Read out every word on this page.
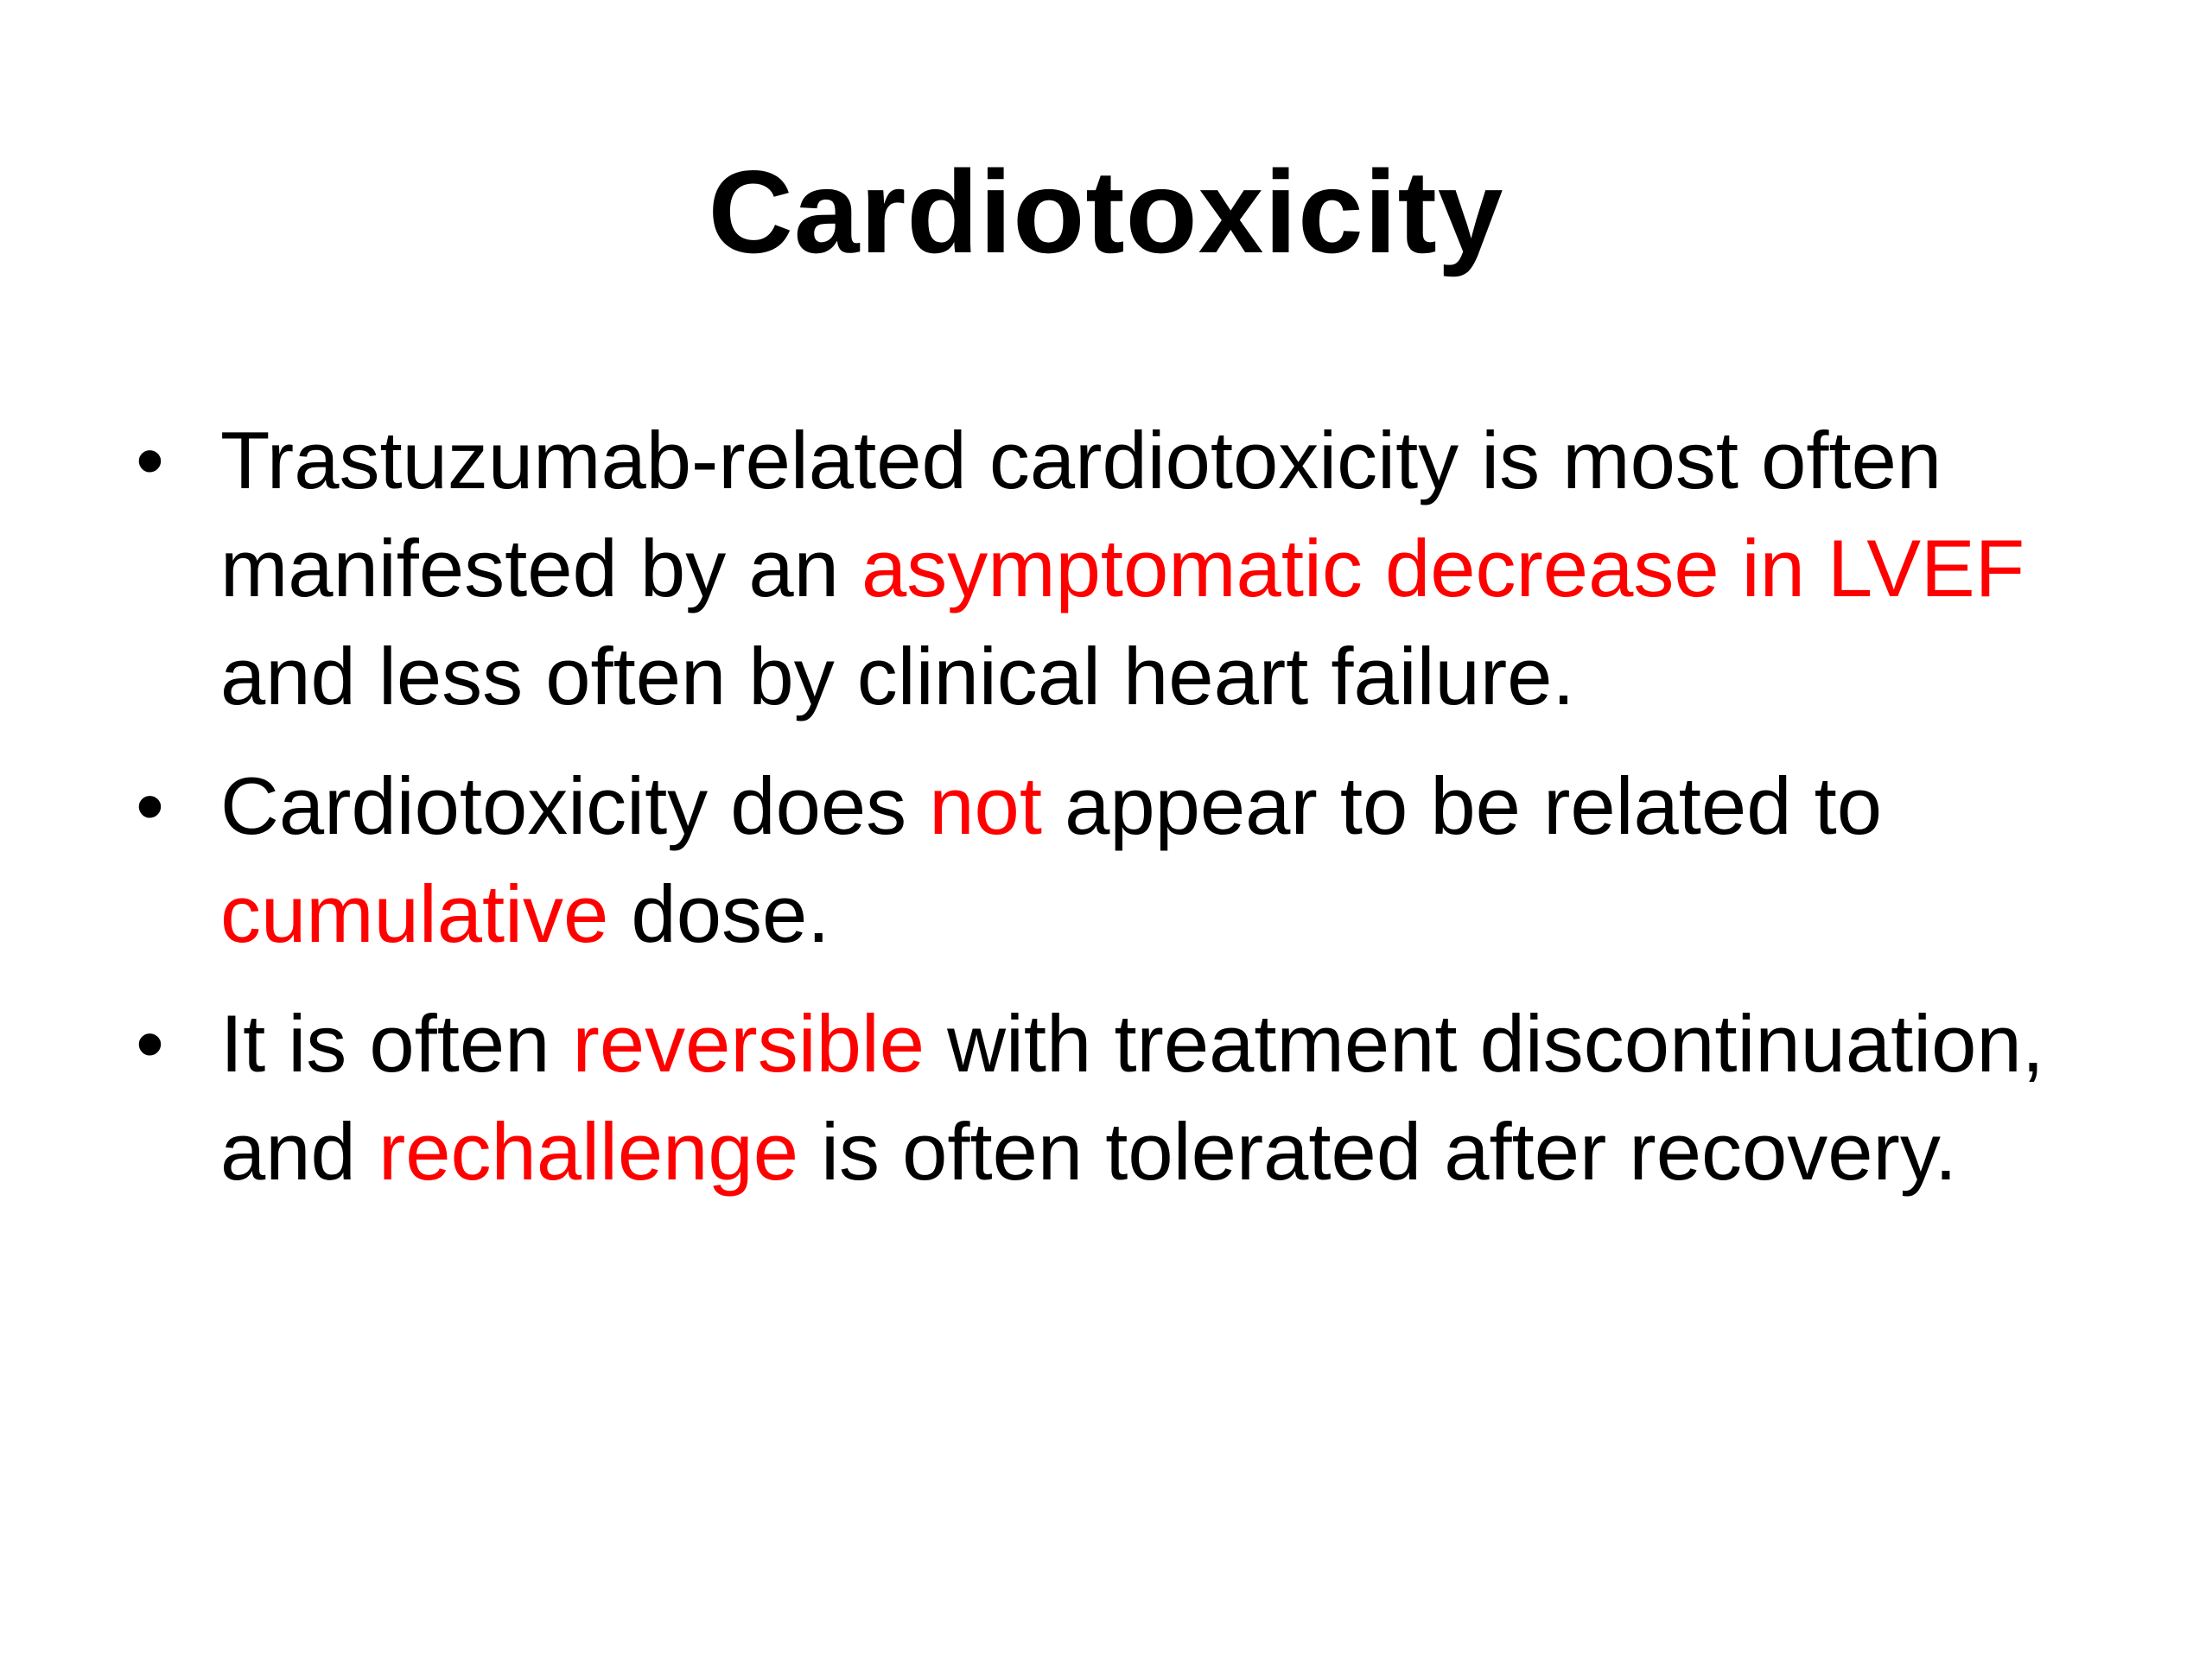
Cardiotoxicity
• Trastuzumab-related cardiotoxicity is most often manifested by an asymptomatic decrease in LVEF and less often by clinical heart failure.
• Cardiotoxicity does not appear to be related to cumulative dose.
• It is often reversible with treatment discontinuation, and rechallenge is often tolerated after recovery.
